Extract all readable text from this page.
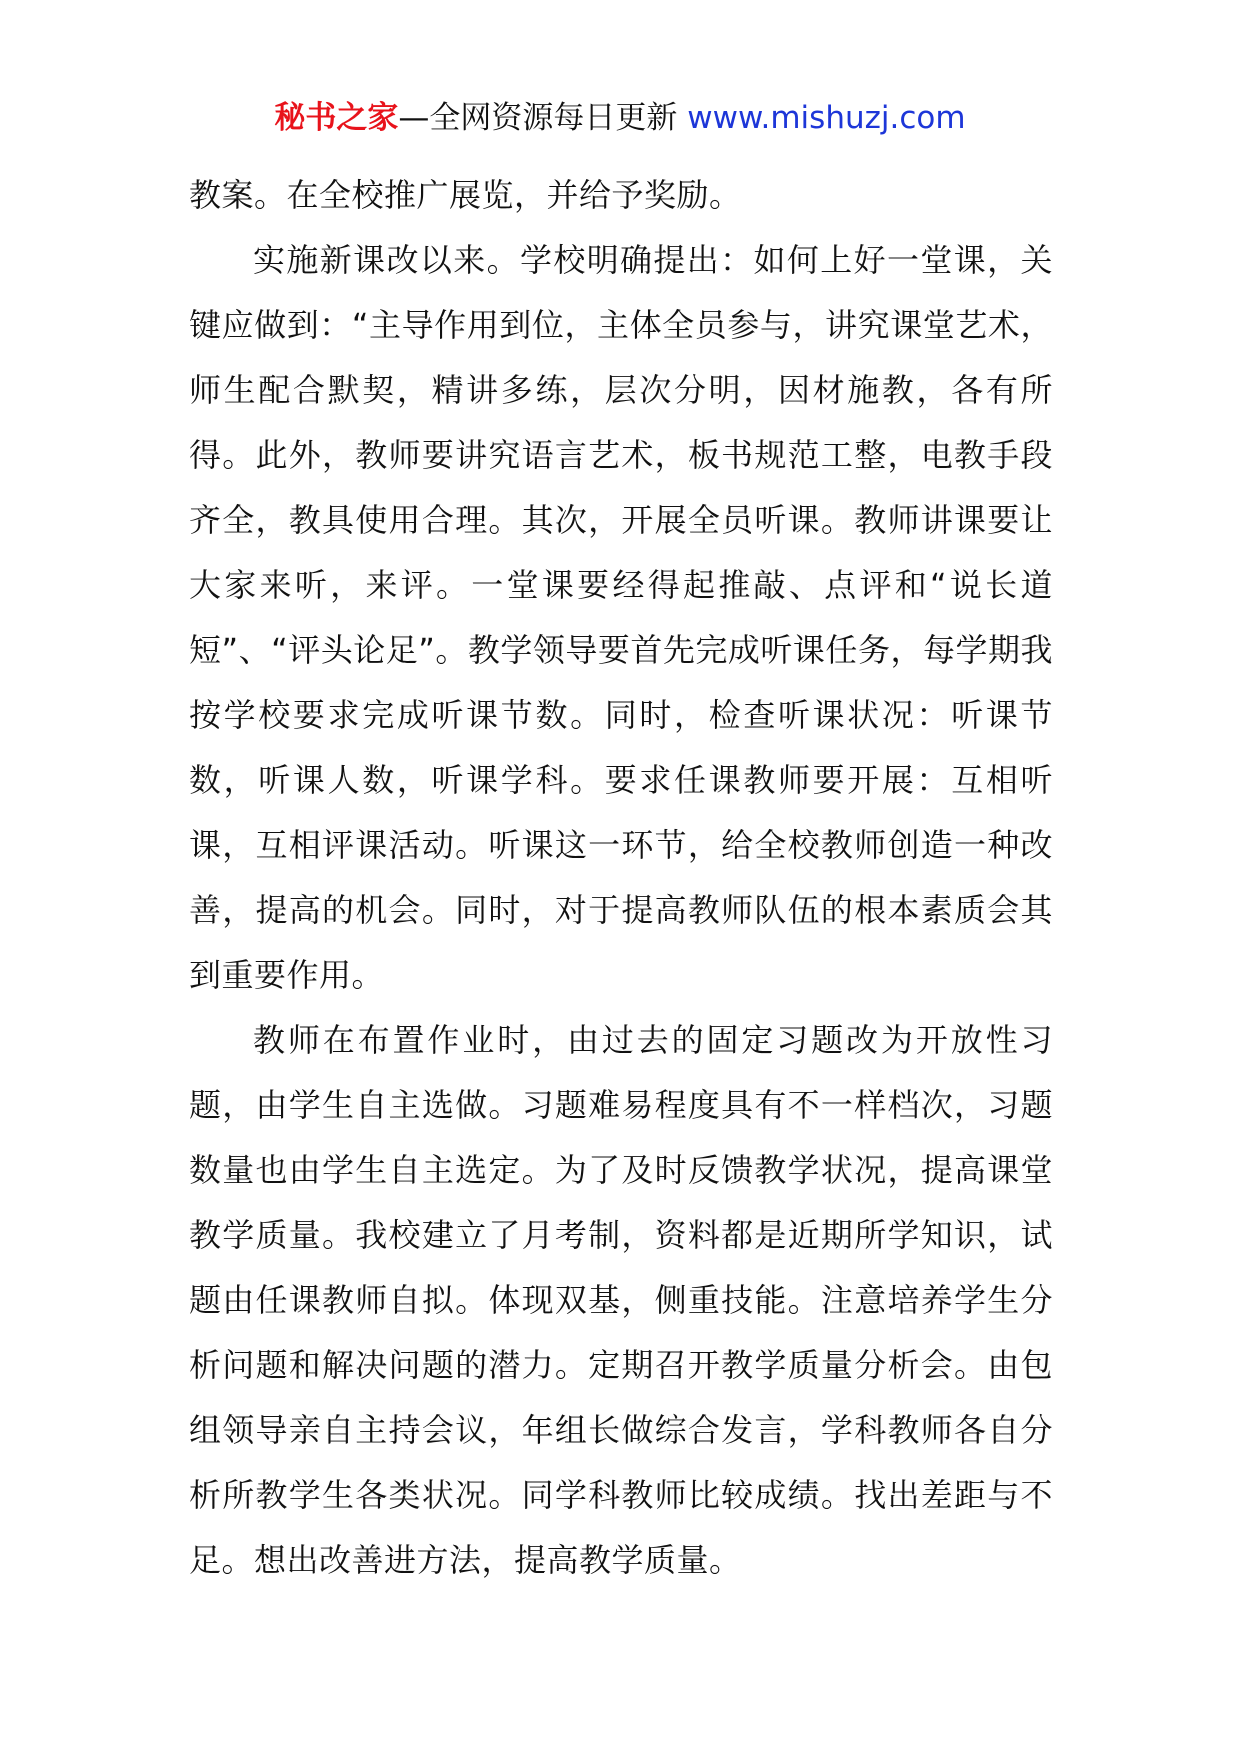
秘书之家—全网资源每日更新 www.mishuzj.com

教案。在全校推广展览，并给予奖励。

实施新课改以来。学校明确提出：如何上好一堂课，关键应做到：“主导作用到位，主体全员参与，讲究课堂艺术，师生配合默契，精讲多练，层次分明，因材施教，各有所得。此外，教师要讲究语言艺术，板书规范工整，电教手段齐全，教具使用合理。其次，开展全员听课。教师讲课要让大家来听，来评。一堂课要经得起推敲、点评和“说长道短”、“评头论足”。教学领导要首先完成听课任务，每学期我按学校要求完成听课节数。同时，检查听课状况：听课节数，听课人数，听课学科。要求任课教师要开展：互相听课，互相评课活动。听课这一环节，给全校教师创造一种改善，提高的机会。同时，对于提高教师队伍的根本素质会其到重要作用。

教师在布置作业时，由过去的固定习题改为开放性习题，由学生自主选做。习题难易程度具有不一样档次，习题数量也由学生自主选定。为了及时反馈教学状况，提高课堂教学质量。我校建立了月考制，资料都是近期所学知识，试题由任课教师自拟。体现双基，侧重技能。注意培养学生分析问题和解决问题的潜力。定期召开教学质量分析会。由包组领导亲自主持会议，年组长做综合发言，学科教师各自分析所教学生各类状况。同学科教师比较成绩。找出差距与不足。想出改善进方法，提高教学质量。
